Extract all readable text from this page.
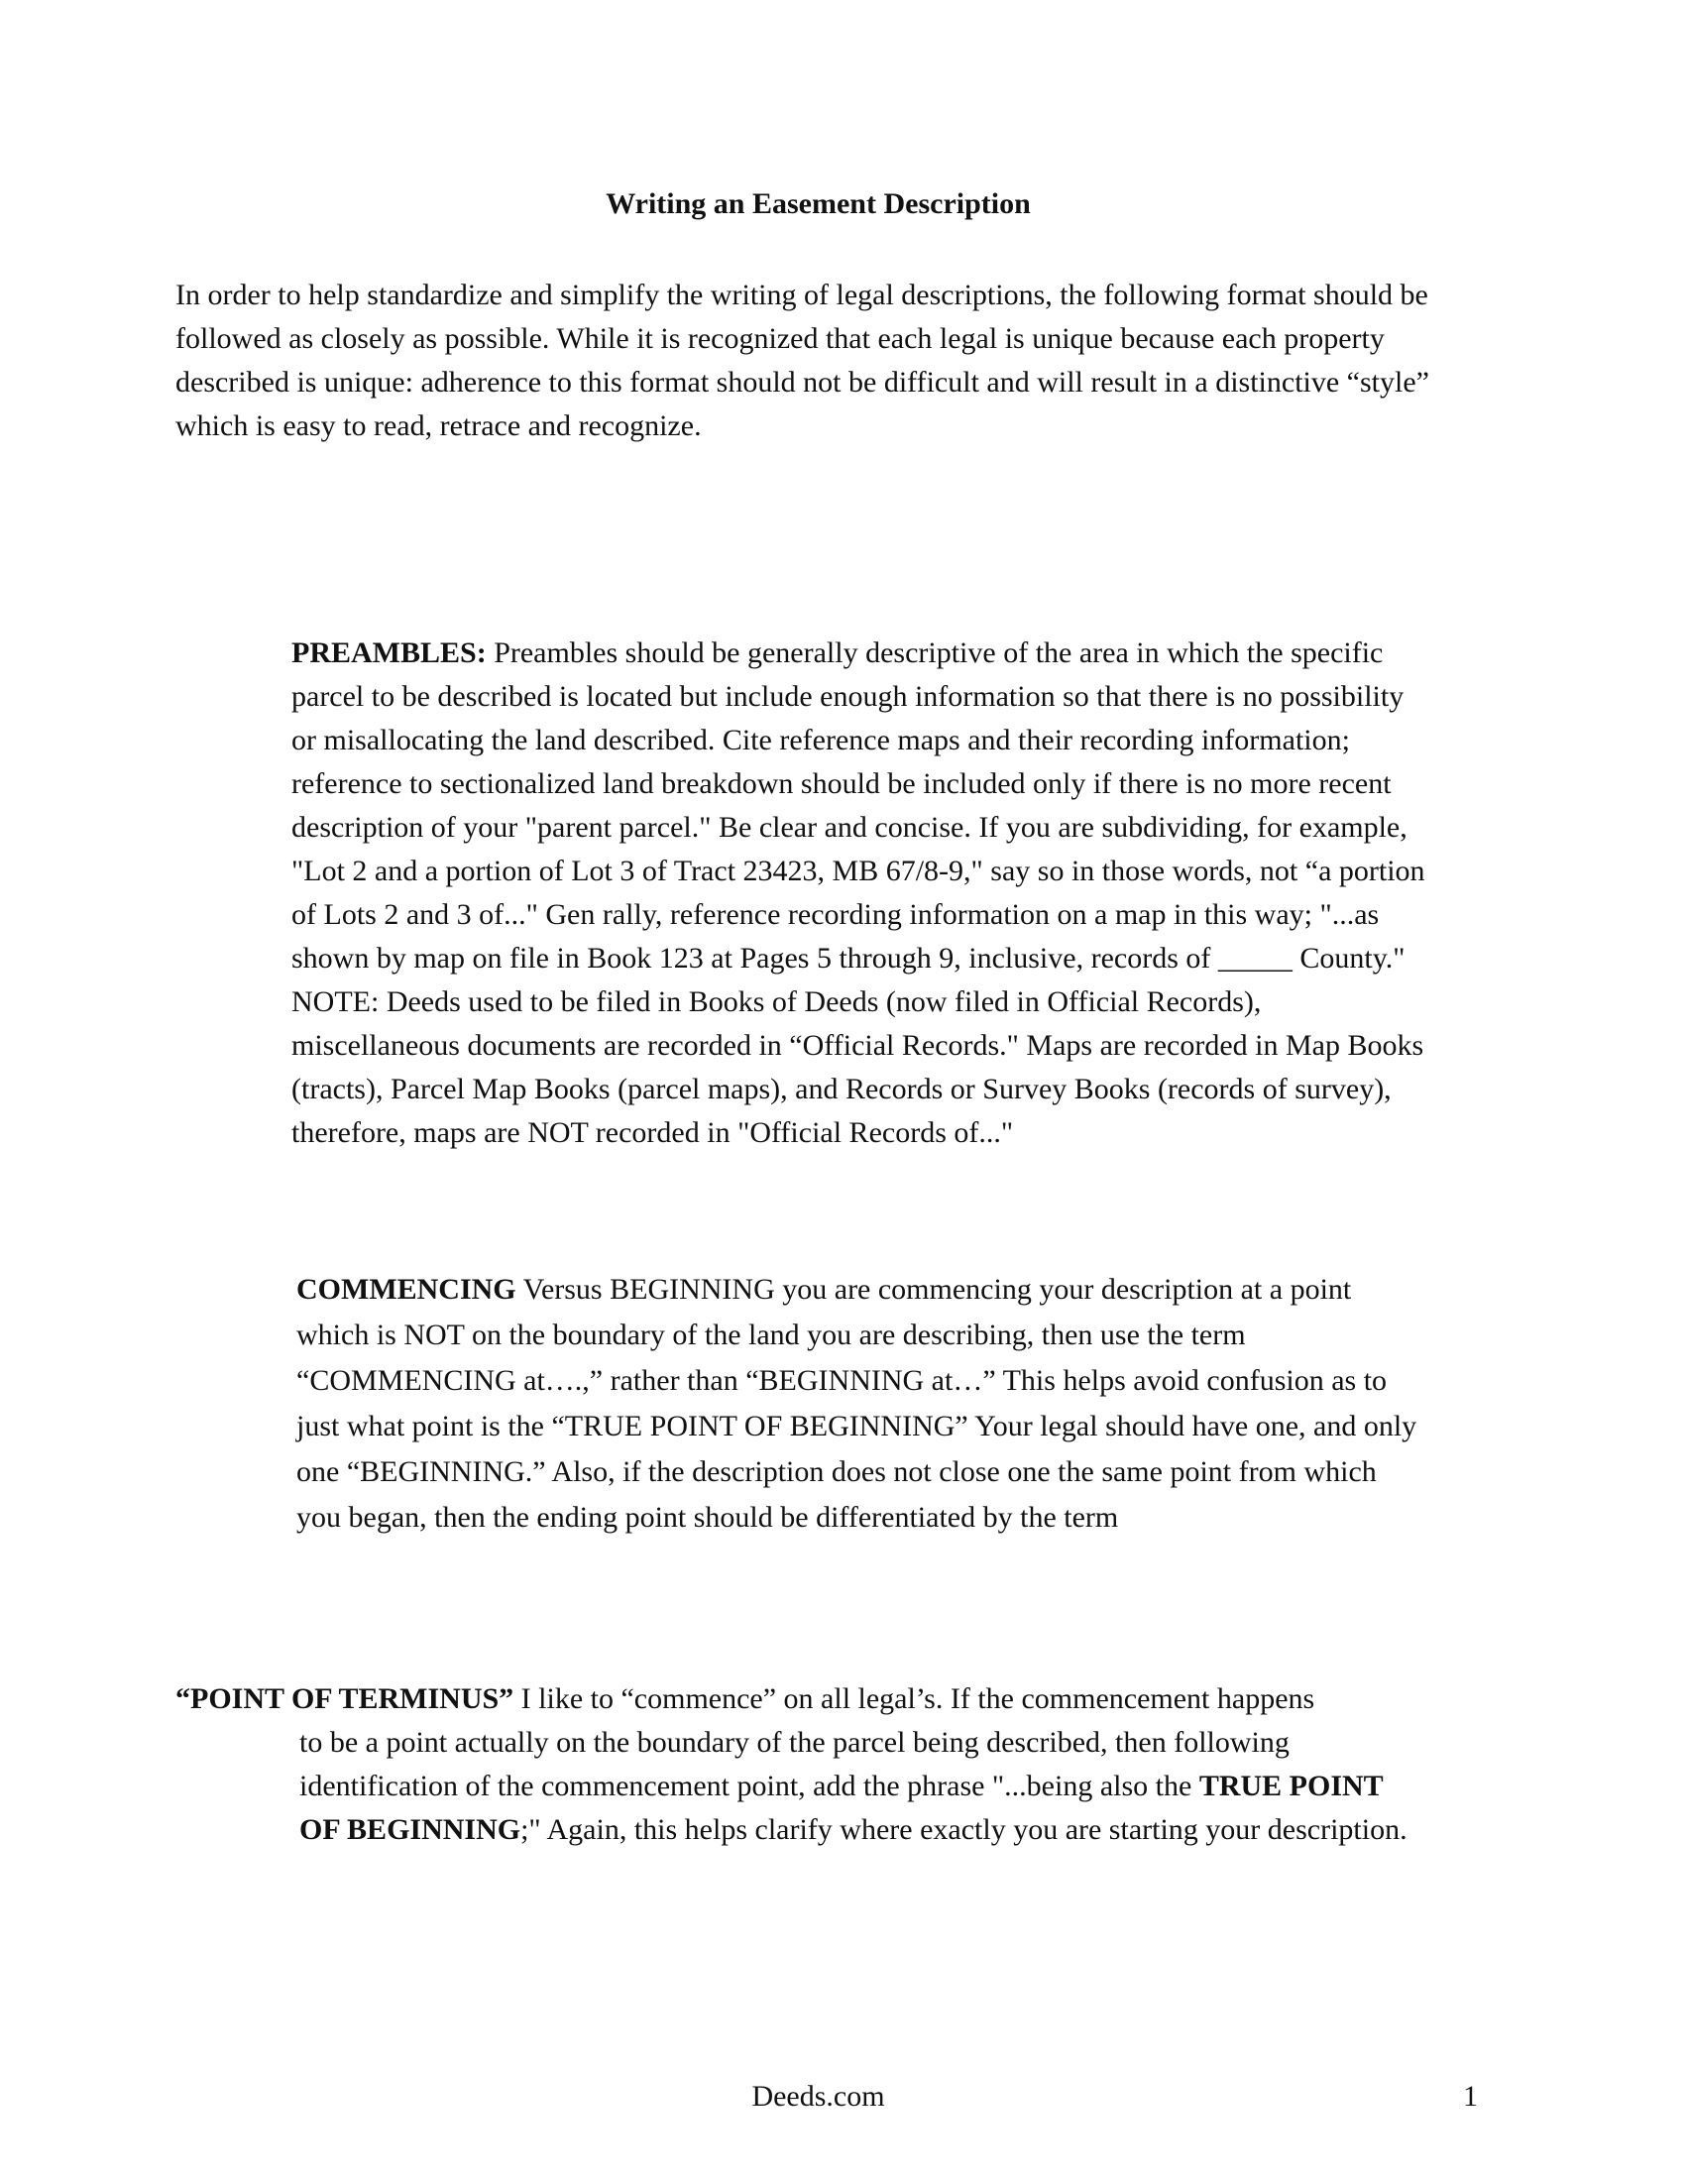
Writing an Easement Description
In order to help standardize and simplify the writing of legal descriptions, the following format should be followed as closely as possible. While it is recognized that each legal is unique because each property described is unique: adherence to this format should not be difficult and will result in a distinctive “style” which is easy to read, retrace and recognize.
PREAMBLES: Preambles should be generally descriptive of the area in which the specific parcel to be described is located but include enough information so that there is no possibility or misallocating the land described. Cite reference maps and their recording information; reference to sectionalized land breakdown should be included only if there is no more recent description of your "parent parcel." Be clear and concise. If you are subdividing, for example, "Lot 2 and a portion of Lot 3 of Tract 23423, MB 67/8-9," say so in those words, not “a portion of Lots 2 and 3 of..." Gen rally, reference recording information on a map in this way; "...as shown by map on file in Book 123 at Pages 5 through 9, inclusive, records of _____ County." NOTE: Deeds used to be filed in Books of Deeds (now filed in Official Records), miscellaneous documents are recorded in “Official Records." Maps are recorded in Map Books (tracts), Parcel Map Books (parcel maps), and Records or Survey Books (records of survey), therefore, maps are NOT recorded in "Official Records of..."
COMMENCING Versus BEGINNING you are commencing your description at a point which is NOT on the boundary of the land you are describing, then use the term “COMMENCING at….,” rather than “BEGINNING at…” This helps avoid confusion as to just what point is the “TRUE POINT OF BEGINNING” Your legal should have one, and only one “BEGINNING.” Also, if the description does not close one the same point from which you began, then the ending point should be differentiated by the term
“POINT OF TERMINUS” I like to “commence” on all legal’s. If the commencement happens
to be a point actually on the boundary of the parcel being described, then following identification of the commencement point, add the phrase "...being also the TRUE POINT OF BEGINNING;" Again, this helps clarify where exactly you are starting your description.
Deeds.com	1
